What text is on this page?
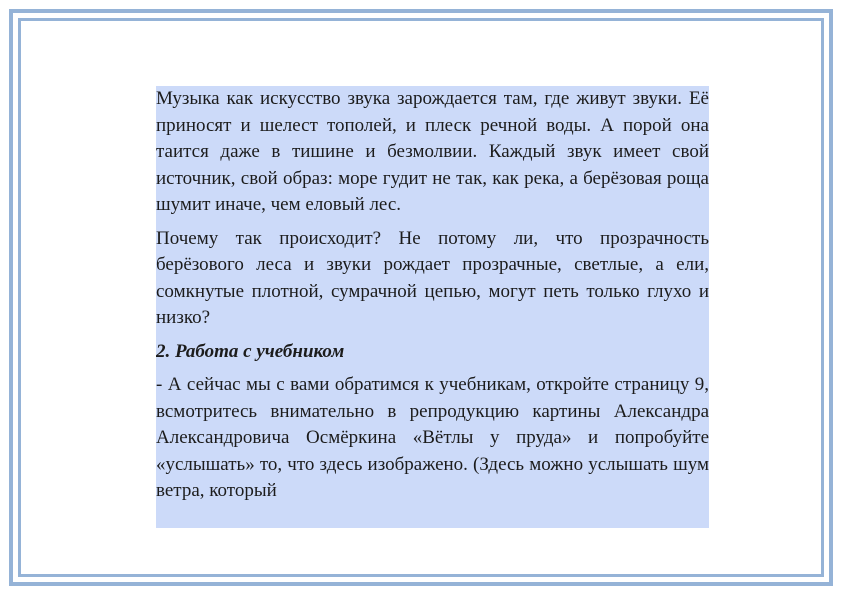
Музыка как искусство звука зарождается там, где живут звуки. Её приносят и шелест тополей, и плеск речной воды. А порой она таится даже в тишине и безмолвии. Каждый звук имеет свой источник, свой образ: море гудит не так, как река, а берёзовая роща шумит иначе, чем еловый лес.

Почему так происходит? Не потому ли, что прозрачность берёзового леса и звуки рождает прозрачные, светлые, а ели, сомкнутые плотной, сумрачной цепью, могут петь только глухо и низко?

2. Работа с учебником

- А сейчас мы с вами обратимся к учебникам, откройте страницу 9, всмотритесь внимательно в репродукцию картины Александра Александровича Осмёркина «Вётлы у пруда» и попробуйте «услышать» то, что здесь изображено. (Здесь можно услышать шум ветра, который
